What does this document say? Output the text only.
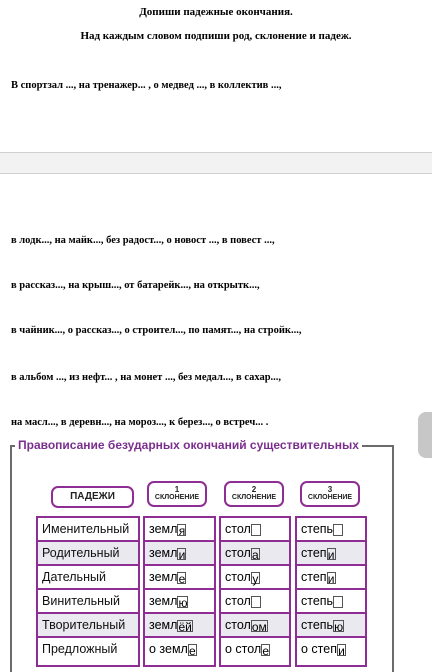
Допиши падежные окончания.
Над каждым словом подпиши род, склонение и падеж.
В спортзал ..., на тренажер... , о медвед ..., в коллектив ...,
в лодк..., на майк..., без радост..., о новост ..., в повест ...,
в рассказ..., на крыш..., от батарейк..., на открытк...,
в чайник..., о рассказ..., о строител..., по памят..., на стройк...,
в альбом ..., из нефт... , на монет ..., без медал..., в сахар...,
на масл..., в деревн..., на мороз..., к берез..., о встреч... .
Правописание безударных окончаний существительных
ПАДЕЖИ
1
СКЛОНЕНИЕ
2
СКЛОНЕНИЕ
3
СКЛОНЕНИЕ
Именительный
Родительный
Дательный
Винительный
Творительный
Предложный
земля
земли
земле
землю
землёй
о земле
стол
стола
стол у
стол
столом
о столе
степь
степи
степи
степь
степью
о степи
